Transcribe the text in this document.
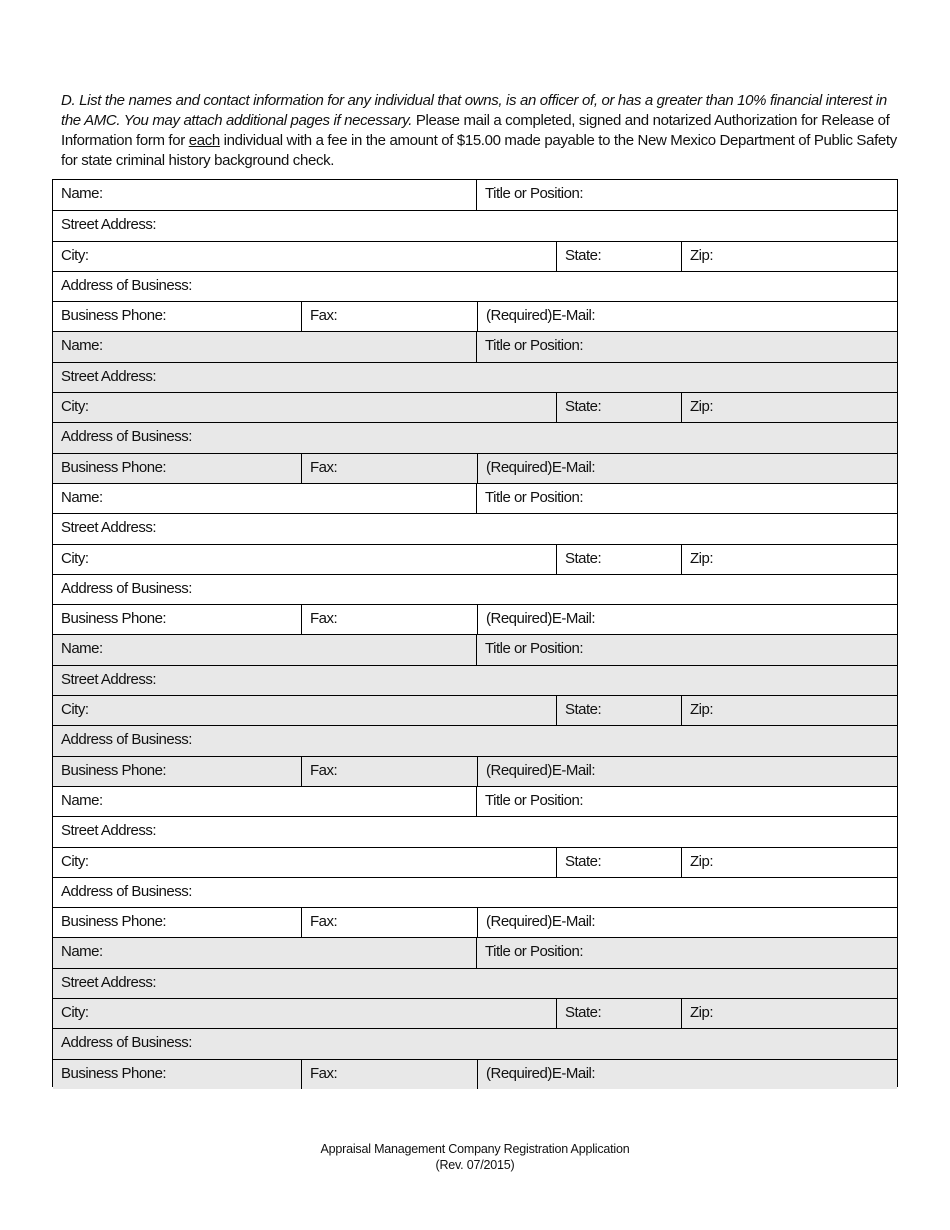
D. List the names and contact information for any individual that owns, is an officer of, or has a greater than 10% financial interest in the AMC. You may attach additional pages if necessary. Please mail a completed, signed and notarized Authorization for Release of Information form for each individual with a fee in the amount of $15.00 made payable to the New Mexico Department of Public Safety for state criminal history background check.
Name:	Title or Position:
Street Address:
City:	State:	Zip:
Address of Business:
Business Phone:	Fax:	(Required)E-Mail:
Name:	Title or Position:
Street Address:
City:	State:	Zip:
Address of Business:
Business Phone:	Fax:	(Required)E-Mail:
Name:	Title or Position:
Street Address:
City:	State:	Zip:
Address of Business:
Business Phone:	Fax:	(Required)E-Mail:
Name:	Title or Position:
Street Address:
City:	State:	Zip:
Address of Business:
Business Phone:	Fax:	(Required)E-Mail:
Name:	Title or Position:
Street Address:
City:	State:	Zip:
Address of Business:
Business Phone:	Fax:	(Required)E-Mail:
Name:	Title or Position:
Street Address:
City:	State:	Zip:
Address of Business:
Business Phone:	Fax:	(Required)E-Mail:
Appraisal Management Company Registration Application
(Rev. 07/2015)
